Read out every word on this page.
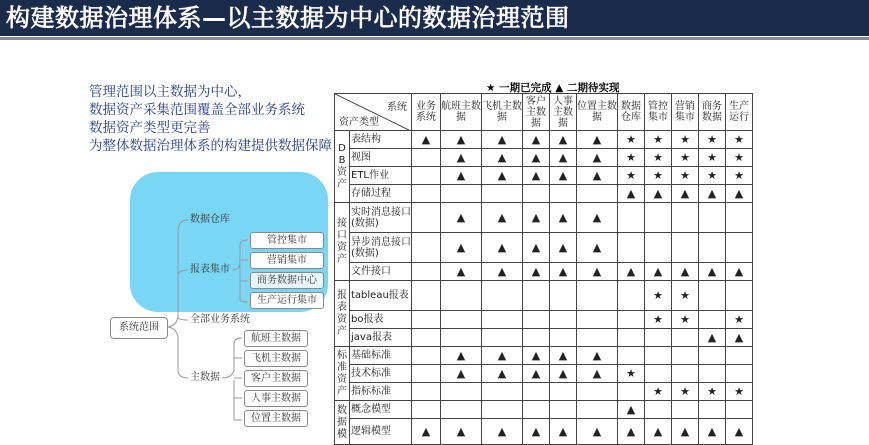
构建数据治理体系—以主数据为中心的数据治理范围
管理范围以主数据为中心，
数据资产采集范围覆盖全部业务系统
数据资产类型更完善
为整体数据治理体系的构建提供数据保障
数据仓库
报表集市
全部业务系统
主数据
系统范围
管控集市
营销集市
商务数据中心
生产运行集市
航班主数据
飞机主数据
客户主数据
人事主数据
位置主数据
★ 一期已完成 ▲ 二期待实现
系统
资产类型		业务系统	航班主数据	飞机主数据	客户主数据	人事主数据	位置主数据	数据仓库	管控集市	营销集市	商务数据	生产运行
DB资产	表结构	▲	▲	▲	▲	▲	▲	★	★	★	★	★
	视图		▲	▲	▲	▲	▲	★	★	★	★	★
	ETL作业		▲	▲	▲	▲	▲	★	★	★	★	★
	存储过程							▲	▲	▲	▲	▲
接口资产	实时消息接口(数据)		▲	▲	▲	▲	▲					
	异步消息接口(数据)		▲	▲	▲	▲	▲					
	文件接口		▲	▲	▲	▲	▲	▲	▲	▲	▲	▲
报表资产	tableau报表								★	★		
	bo报表								★	★		★
	java报表										▲	▲
标准资产	基础标准		▲	▲	▲	▲	▲					
	技术标准		▲	▲	▲	▲	▲	★				
	指标标准								★	★	★	★
数据模	概念模型							▲				
	逻辑模型	▲	▲	▲	▲	▲	▲	▲	▲	▲	▲	▲
